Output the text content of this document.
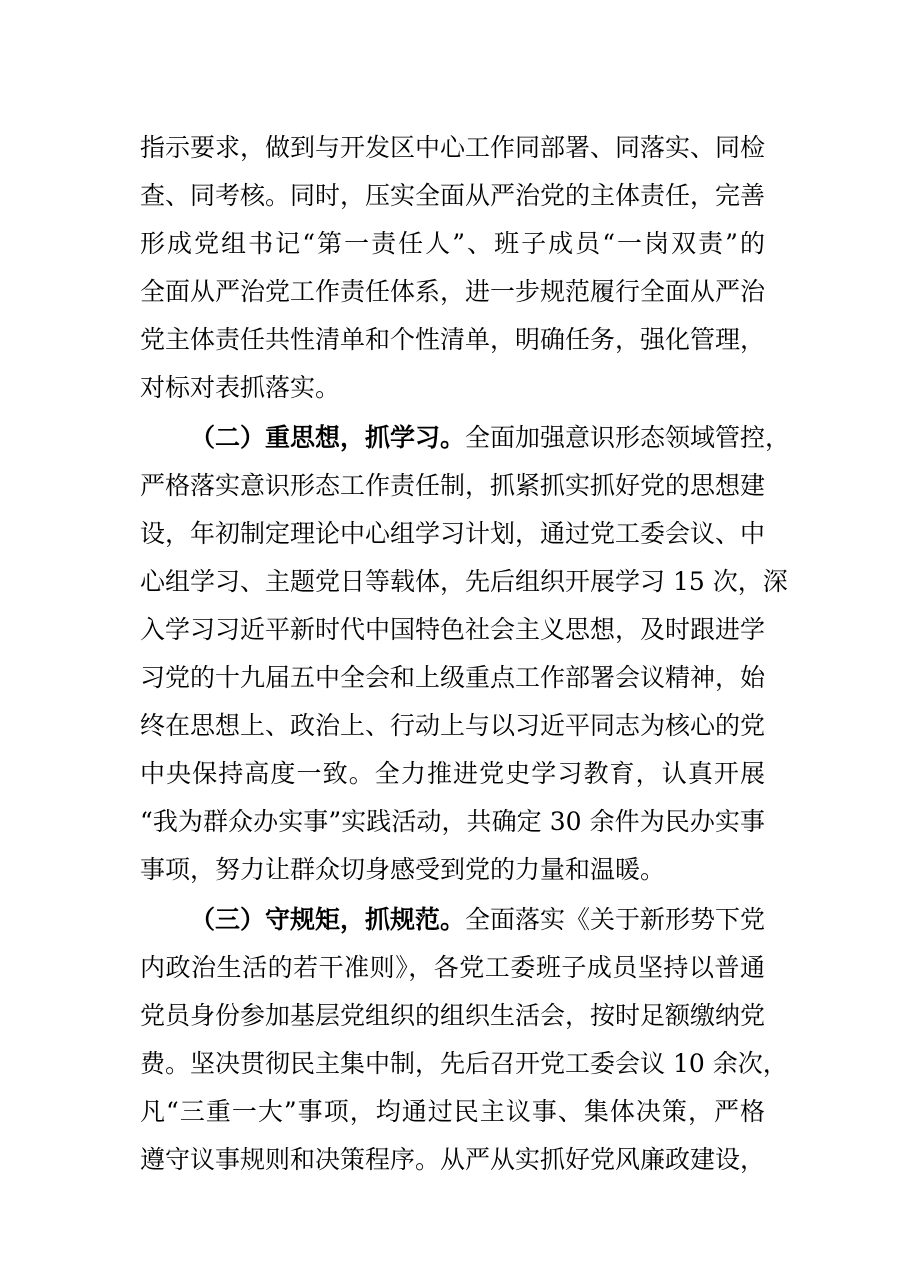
指示要求，做到与开发区中心工作同部署、同落实、同检
查、同考核。同时，压实全面从严治党的主体责任，完善
形成党组书记“第一责任人”、班子成员“一岗双责”的
全面从严治党工作责任体系，进一步规范履行全面从严治
党主体责任共性清单和个性清单，明确任务，强化管理，
对标对表抓落实。
（二）重思想，抓学习。全面加强意识形态领域管控，
严格落实意识形态工作责任制，抓紧抓实抓好党的思想建
设，年初制定理论中心组学习计划，通过党工委会议、中
心组学习、主题党日等载体，先后组织开展学习 15 次，深
入学习习近平新时代中国特色社会主义思想，及时跟进学
习党的十九届五中全会和上级重点工作部署会议精神，始
终在思想上、政治上、行动上与以习近平同志为核心的党
中央保持高度一致。全力推进党史学习教育，认真开展
“我为群众办实事”实践活动，共确定 30 余件为民办实事
事项，努力让群众切身感受到党的力量和温暖。
（三）守规矩，抓规范。全面落实《关于新形势下党
内政治生活的若干准则》，各党工委班子成员坚持以普通
党员身份参加基层党组织的组织生活会，按时足额缴纳党
费。坚决贯彻民主集中制，先后召开党工委会议 10 余次，
凡“三重一大”事项，均通过民主议事、集体决策，严格
遵守议事规则和决策程序。从严从实抓好党风廉政建设，
